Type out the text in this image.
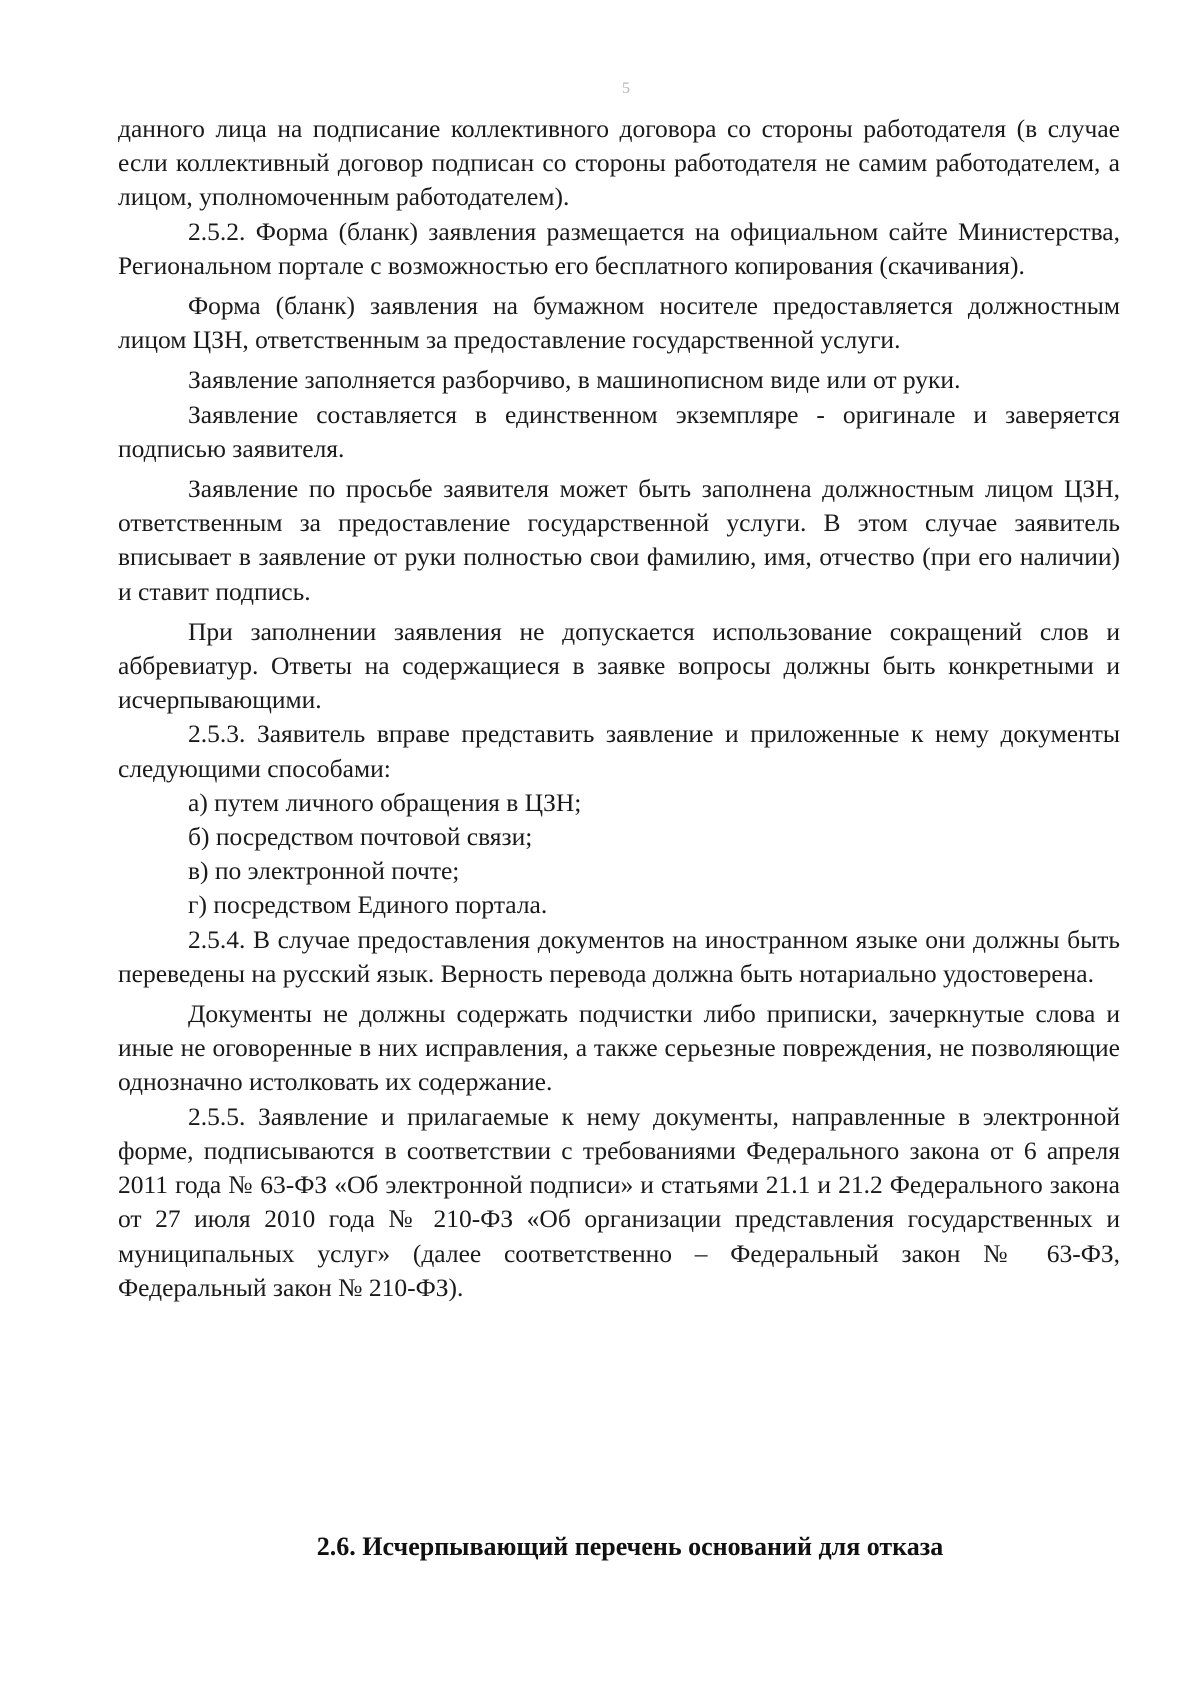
5

данного лица на подписание коллективного договора со стороны работодателя (в случае если коллективный договор подписан со стороны работодателя не самим работодателем, а лицом, уполномоченным работодателем).

2.5.2. Форма (бланк) заявления размещается на официальном сайте Министерства, Региональном портале с возможностью его бесплатного копирования (скачивания).

Форма (бланк) заявления на бумажном носителе предоставляется должностным лицом ЦЗН, ответственным за предоставление государственной услуги.

Заявление заполняется разборчиво, в машинописном виде или от руки.

Заявление составляется в единственном экземпляре - оригинале и заверяется подписью заявителя.

Заявление по просьбе заявителя может быть заполнена должностным лицом ЦЗН, ответственным за предоставление государственной услуги. В этом случае заявитель вписывает в заявление от руки полностью свои фамилию, имя, отчество (при его наличии) и ставит подпись.

При заполнении заявления не допускается использование сокращений слов и аббревиатур. Ответы на содержащиеся в заявке вопросы должны быть конкретными и исчерпывающими.

2.5.3. Заявитель вправе представить заявление и приложенные к нему документы следующими способами:

а) путем личного обращения в ЦЗН;

б) посредством почтовой связи;

в) по электронной почте;

г) посредством Единого портала.

2.5.4. В случае предоставления документов на иностранном языке они должны быть переведены на русский язык. Верность перевода должна быть нотариально удостоверена.

Документы не должны содержать подчистки либо приписки, зачеркнутые слова и иные не оговоренные в них исправления, а также серьезные повреждения, не позволяющие однозначно истолковать их содержание.

2.5.5. Заявление и прилагаемые к нему документы, направленные в электронной форме, подписываются в соответствии с требованиями Федерального закона от 6 апреля 2011 года № 63-ФЗ «Об электронной подписи» и статьями 21.1 и 21.2 Федерального закона от 27 июля 2010 года № 210-ФЗ «Об организации представления государственных и муниципальных услуг» (далее соответственно – Федеральный закон № 63-ФЗ, Федеральный закон № 210-ФЗ).

2.6. Исчерпывающий перечень оснований для отказа
